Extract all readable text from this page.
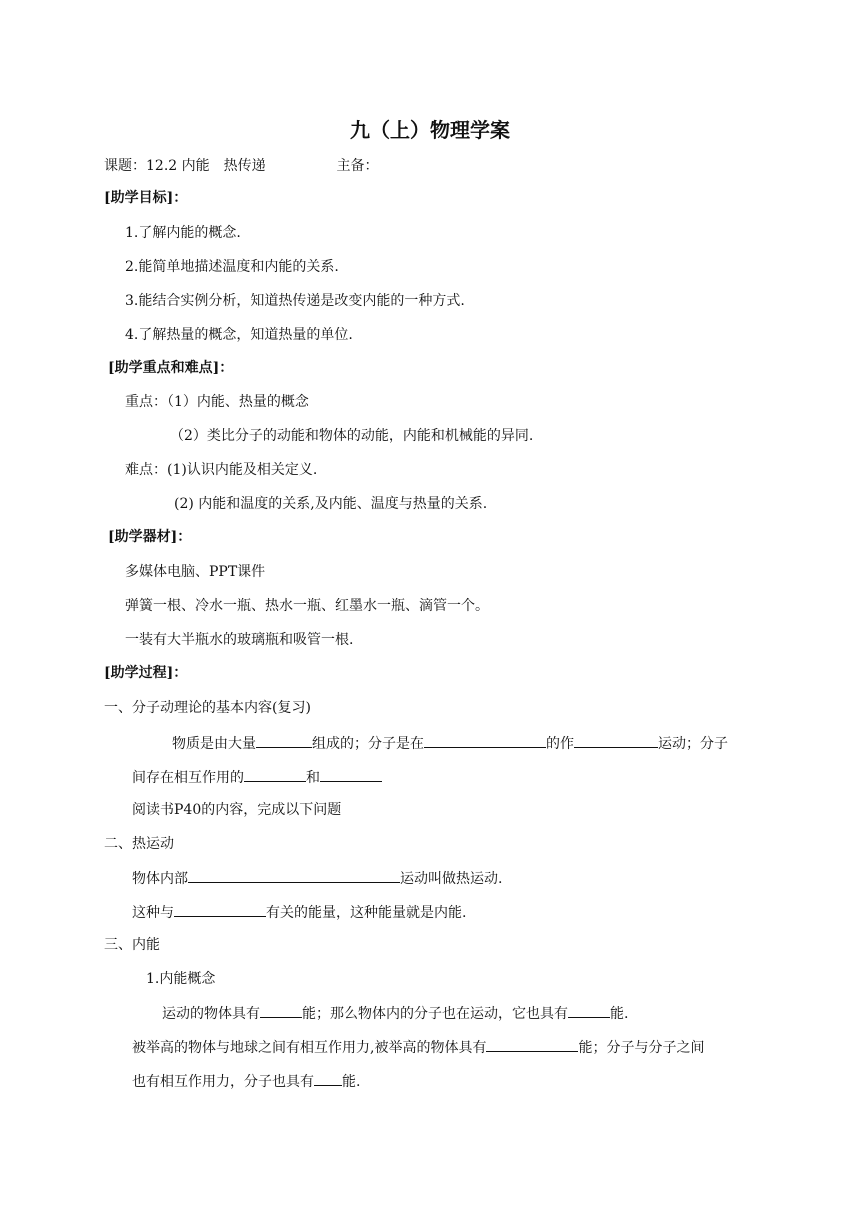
九（上）物理学案
课题：12.2 内能　热传递	主备：
[助学目标]：
1.了解内能的概念.
2.能简单地描述温度和内能的关系.
3.能结合实例分析，知道热传递是改变内能的一种方式.
4.了解热量的概念，知道热量的单位.
[助学重点和难点]：
重点：（1）内能、热量的概念
（2）类比分子的动能和物体的动能，内能和机械能的异同.
难点：(1)认识内能及相关定义.
(2) 内能和温度的关系,及内能、温度与热量的关系.
[助学器材]：
多媒体电脑、PPT课件
弹簧一根、冷水一瓶、热水一瓶、红墨水一瓶、滴管一个。
一装有大半瓶水的玻璃瓶和吸管一根.
[助学过程]：
一、分子动理论的基本内容(复习)
物质是由大量	组成的；分子是在	的作	运动；分子
间存在相互作用的	和
阅读书P40的内容，完成以下问题
二、热运动
物体内部	运动叫做热运动.
这种与	有关的能量，这种能量就是内能.
三、内能
1.内能概念
运动的物体具有	能；那么物体内的分子也在运动，它也具有	能.
被举高的物体与地球之间有相互作用力,被举高的物体具有	能；分子与分子之间
也有相互作用力，分子也具有 能.
